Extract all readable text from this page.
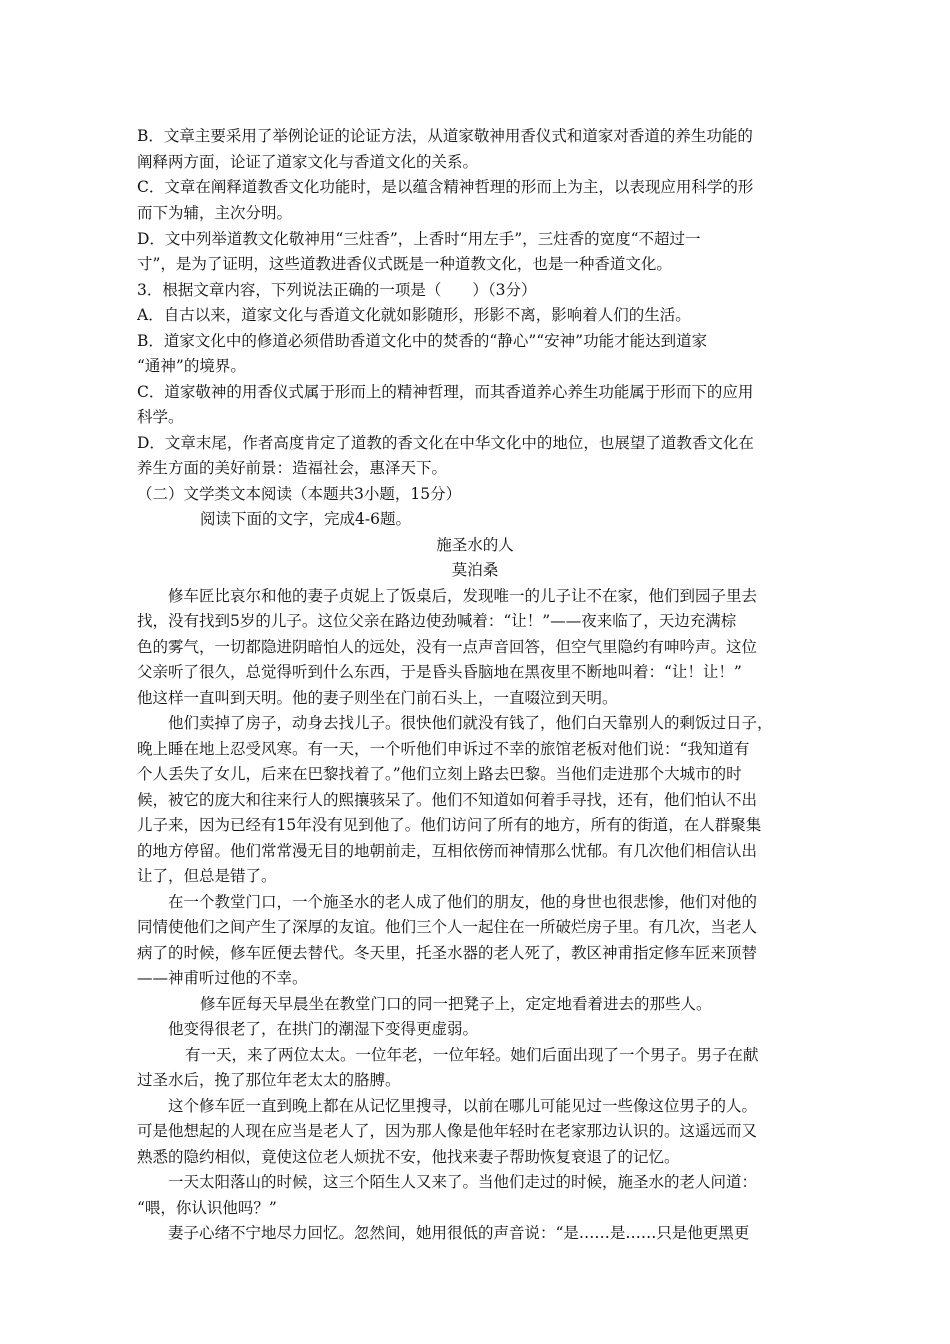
B．文章主要采用了举例论证的论证方法，从道家敬神用香仪式和道家对香道的养生功能的
阐释两方面，论证了道家文化与香道文化的关系。
C．文章在阐释道教香文化功能时，是以蕴含精神哲理的形而上为主，以表现应用科学的形
而下为辅，主次分明。
D．文中列举道教文化敬神用“三炷香”，上香时“用左手”，三炷香的宽度“不超过一
寸”，是为了证明，这些道教进香仪式既是一种道教文化，也是一种香道文化。
3．根据文章内容，下列说法正确的一项是（　　）（3分）
A．自古以来，道家文化与香道文化就如影随形，形影不离，影响着人们的生活。
B．道家文化中的修道必须借助香道文化中的焚香的“静心”“安神”功能才能达到道家
“通神”的境界。
C．道家敬神的用香仪式属于形而上的精神哲理，而其香道养心养生功能属于形而下的应用
科学。
D．文章末尾，作者高度肯定了道教的香文化在中华文化中的地位，也展望了道教香文化在
养生方面的美好前景：造福社会，惠泽天下。
（二）文学类文本阅读（本题共3小题，15分）
阅读下面的文字，完成4-6题。
施圣水的人
莫泊桑
修车匠比哀尔和他的妻子贞妮上了饭桌后，发现唯一的儿子让不在家，他们到园子里去
找，没有找到5岁的儿子。这位父亲在路边使劲喊着：“让！”——夜来临了，天边充满棕
色的雾气，一切都隐进阴暗怕人的远处，没有一点声音回答，但空气里隐约有呻吟声。这位
父亲听了很久，总觉得听到什么东西，于是昏头昏脑地在黑夜里不断地叫着：“让！让！”
他这样一直叫到天明。他的妻子则坐在门前石头上，一直啜泣到天明。
他们卖掉了房子，动身去找儿子。很快他们就没有钱了，他们白天靠别人的剩饭过日子，
晚上睡在地上忍受风寒。有一天，一个听他们申诉过不幸的旅馆老板对他们说：“我知道有
个人丢失了女儿，后来在巴黎找着了。”他们立刻上路去巴黎。当他们走进那个大城市的时
候，被它的庞大和往来行人的熙攘骇呆了。他们不知道如何着手寻找，还有，他们怕认不出
儿子来，因为已经有15年没有见到他了。他们访问了所有的地方，所有的街道，在人群聚集
的地方停留。他们常常漫无目的地朝前走，互相依傍而神情那么忧郁。有几次他们相信认出
让了，但总是错了。
在一个教堂门口，一个施圣水的老人成了他们的朋友，他的身世也很悲惨，他们对他的
同情使他们之间产生了深厚的友谊。他们三个人一起住在一所破烂房子里。有几次，当老人
病了的时候，修车匠便去替代。冬天里，托圣水器的老人死了，教区神甫指定修车匠来顶替
——神甫听过他的不幸。
修车匠每天早晨坐在教堂门口的同一把凳子上，定定地看着进去的那些人。
他变得很老了，在拱门的潮湿下变得更虚弱。
有一天，来了两位太太。一位年老，一位年轻。她们后面出现了一个男子。男子在献
过圣水后，挽了那位年老太太的胳膊。
这个修车匠一直到晚上都在从记忆里搜寻，以前在哪儿可能见过一些像这位男子的人。
可是他想起的人现在应当是老人了，因为那人像是他年轻时在老家那边认识的。这遥远而又
熟悉的隐约相似，竟使这位老人烦扰不安，他找来妻子帮助恢复衰退了的记忆。
一天太阳落山的时候，这三个陌生人又来了。当他们走过的时候，施圣水的老人问道：
“喂，你认识他吗？”
妻子心绪不宁地尽力回忆。忽然间，她用很低的声音说：“是……是……只是他更黑更
